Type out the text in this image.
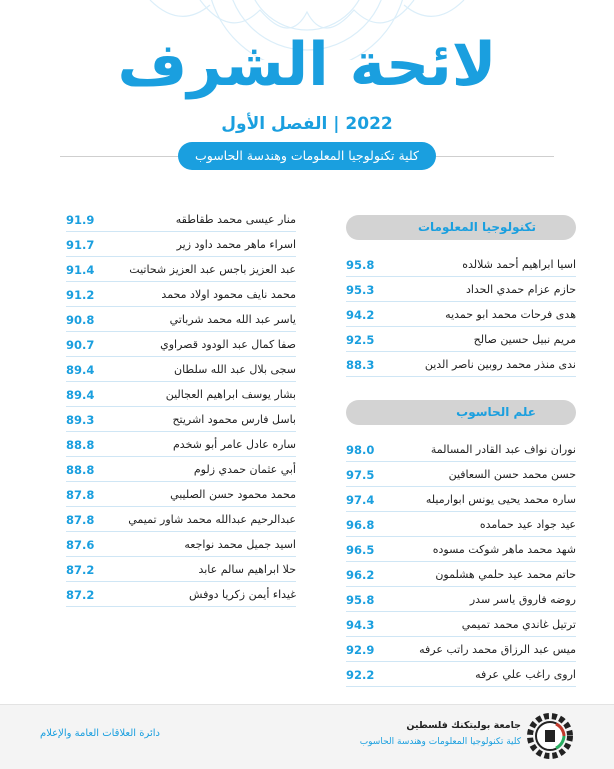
لائحة الشرف
2022 | الفصل الأول
كلية تكنولوجيا المعلومات وهندسة الحاسوب
تكنولوجيا المعلومات
اسيا ابراهيم أحمد شلالده
95.8
حازم عزام حمدي الحداد
95.3
هدى فرحات محمد ابو حمديه
94.2
مريم نبيل حسين صالح
92.5
ندى منذر محمد روبين ناصر الدين
88.3
علم الحاسوب
نوران نواف عبد القادر المسالمة
98.0
حسن محمد حسن السعافين
97.5
ساره محمد يحيى يونس ابوارميله
97.4
عيد جواد عيد حمامده
96.8
شهد محمد ماهر شوكت مسوده
96.5
حاتم محمد عيد حلمي هشلمون
96.2
روضه فاروق ياسر سدر
95.8
ترتيل غاندي محمد تميمي
94.3
ميس عبد الرزاق محمد راتب عرفه
92.9
اروى راغب علي عرفه
92.2
منار عيسى محمد طقاطقه
91.9
اسراء ماهر محمد داود زير
91.7
عبد العزيز باجس عبد العزيز شحاتيت
91.4
محمد نايف محمود اولاد محمد
91.2
ياسر عبد الله محمد شرباتي
90.8
صفا كمال عبد الودود قصراوي
90.7
سجى بلال عبد الله سلطان
89.4
بشار يوسف ابراهيم العجالين
89.4
باسل فارس محمود اشريتح
89.3
ساره عادل عامر أبو شخدم
88.8
أبي عثمان حمدي زلوم
88.8
محمد محمود حسن الصليبي
87.8
عبدالرحيم عبدالله محمد شاور تميمي
87.8
اسيد جميل محمد نواجعه
87.6
حلا ابراهيم سالم عابد
87.2
غيداء أيمن زكريا دوفش
87.2
دائرة العلاقات العامة والإعلام
جامعة بوليتكنك فلسطين
كلية تكنولوجيا المعلومات وهندسة الحاسوب
